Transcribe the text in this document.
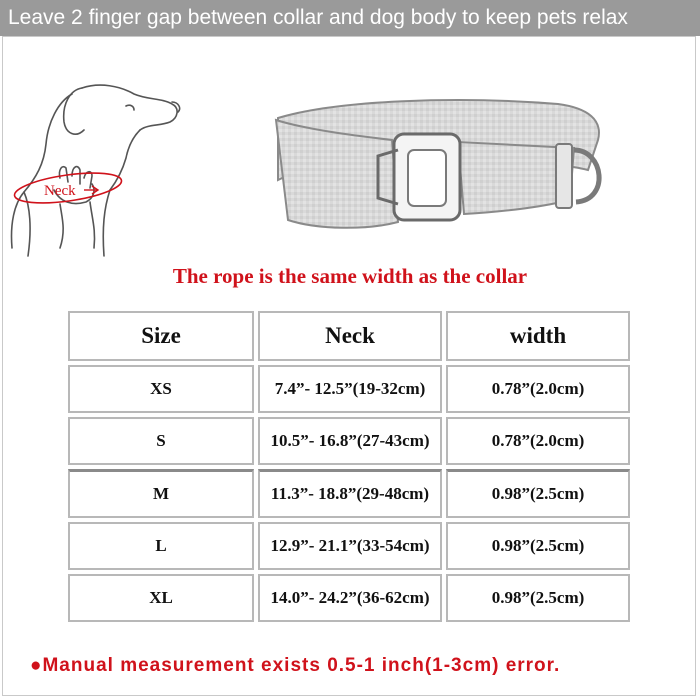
Leave 2 finger gap between collar and dog body to keep pets relax
Neck
The rope is the same width as the collar
Size	Neck	width
XS	7.4”- 12.5”(19-32cm)	0.78”(2.0cm)
S	10.5”- 16.8”(27-43cm)	0.78”(2.0cm)
M	11.3”- 18.8”(29-48cm)	0.98”(2.5cm)
L	12.9”- 21.1”(33-54cm)	0.98”(2.5cm)
XL	14.0”- 24.2”(36-62cm)	0.98”(2.5cm)
●Manual measurement exists 0.5-1 inch(1-3cm) error.
